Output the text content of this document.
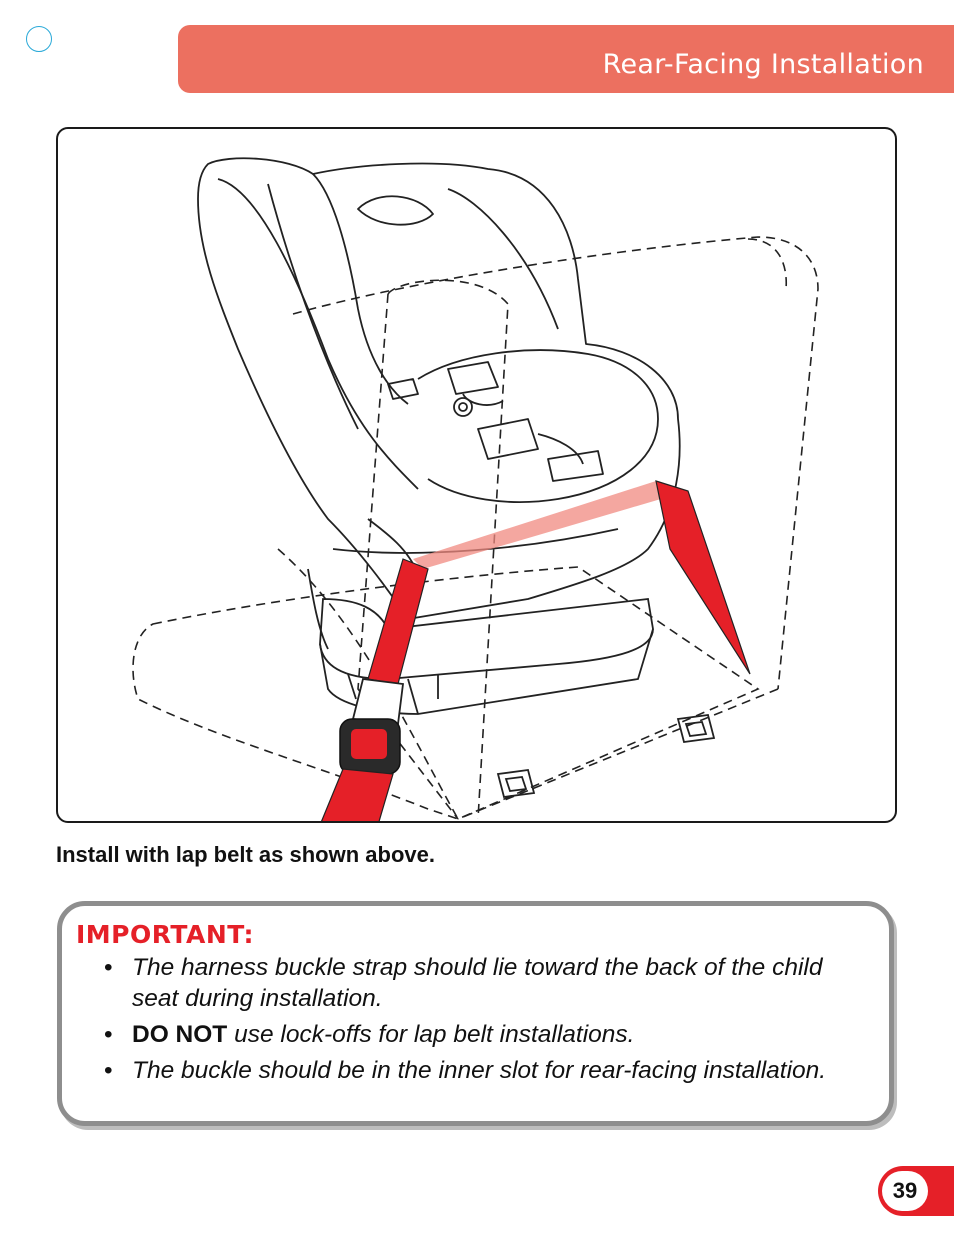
Rear-Facing Installation
Install with lap belt as shown above.
IMPORTANT:
• The harness buckle strap should lie toward the back of the child seat during installation.
• DO NOT use lock-offs for lap belt installations.
• The buckle should be in the inner slot for rear-facing installation.
39
